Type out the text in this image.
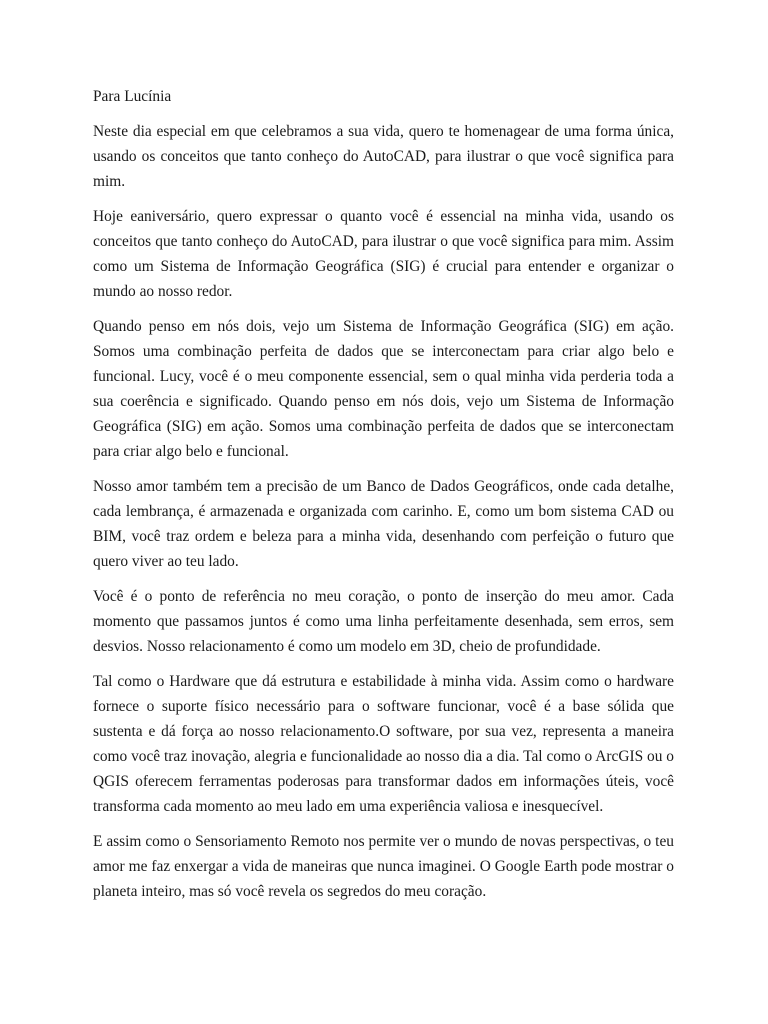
Para Lucínia

Neste dia especial em que celebramos a sua vida, quero te homenagear de uma forma única, usando os conceitos que tanto conheço do AutoCAD, para ilustrar o que você significa para mim.

Hoje eaniversário, quero expressar o quanto você é essencial na minha vida, usando os conceitos que tanto conheço do AutoCAD, para ilustrar o que você significa para mim. Assim como um Sistema de Informação Geográfica (SIG) é crucial para entender e organizar o mundo ao nosso redor.

Quando penso em nós dois, vejo um Sistema de Informação Geográfica (SIG) em ação. Somos uma combinação perfeita de dados que se interconectam para criar algo belo e funcional. Lucy, você é o meu componente essencial, sem o qual minha vida perderia toda a sua coerência e significado. Quando penso em nós dois, vejo um Sistema de Informação Geográfica (SIG) em ação. Somos uma combinação perfeita de dados que se interconectam para criar algo belo e funcional.

Nosso amor também tem a precisão de um Banco de Dados Geográficos, onde cada detalhe, cada lembrança, é armazenada e organizada com carinho. E, como um bom sistema CAD ou BIM, você traz ordem e beleza para a minha vida, desenhando com perfeição o futuro que quero viver ao teu lado.

Você é o ponto de referência no meu coração, o ponto de inserção do meu amor. Cada momento que passamos juntos é como uma linha perfeitamente desenhada, sem erros, sem desvios. Nosso relacionamento é como um modelo em 3D, cheio de profundidade.

Tal como o Hardware que dá estrutura e estabilidade à minha vida. Assim como o hardware fornece o suporte físico necessário para o software funcionar, você é a base sólida que sustenta e dá força ao nosso relacionamento.O software, por sua vez, representa a maneira como você traz inovação, alegria e funcionalidade ao nosso dia a dia. Tal como o ArcGIS ou o QGIS oferecem ferramentas poderosas para transformar dados em informações úteis, você transforma cada momento ao meu lado em uma experiência valiosa e inesquecível.

E assim como o Sensoriamento Remoto nos permite ver o mundo de novas perspectivas, o teu amor me faz enxergar a vida de maneiras que nunca imaginei. O Google Earth pode mostrar o planeta inteiro, mas só você revela os segredos do meu coração.
